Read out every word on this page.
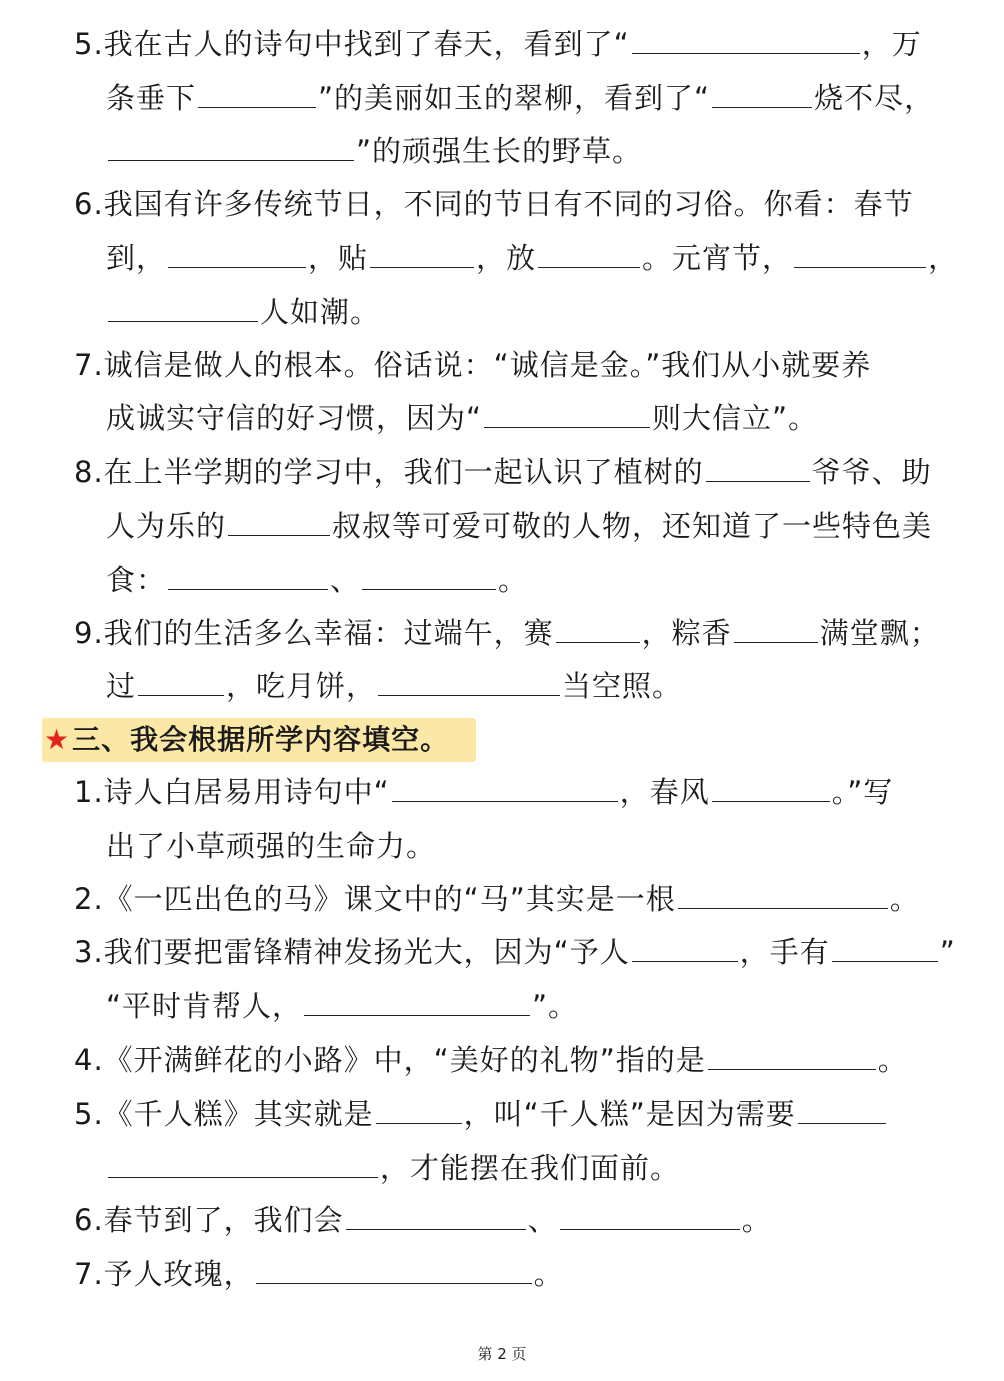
5.我在古人的诗句中找到了春天，看到了“	，万
条垂下	”的美丽如玉的翠柳，看到了“	烧不尽，
”的顽强生长的野草。
6.我国有许多传统节日，不同的节日有不同的习俗。你看：春节
到，	，贴	，放	。元宵节，	，
人如潮。
7.诚信是做人的根本。俗话说：“诚信是金。”我们从小就要养
成诚实守信的好习惯，因为“	则大信立”。
8.在上半学期的学习中，我们一起认识了植树的	爷爷、助
人为乐的	叔叔等可爱可敬的人物，还知道了一些特色美
食：	、	。
9.我们的生活多么幸福：过端午，赛	，粽香	满堂飘；
过	，吃月饼，	当空照。
★三、我会根据所学内容填空。
1.诗人白居易用诗句中“	，春风	。”写
出了小草顽强的生命力。
2.《一匹出色的马》课文中的“马”其实是一根	。
3.我们要把雷锋精神发扬光大，因为“予人	，手有	”
“平时肯帮人，	”。
4.《开满鲜花的小路》中，“美好的礼物”指的是	。
5.《千人糕》其实就是	，叫“千人糕”是因为需要
，才能摆在我们面前。
6.春节到了，我们会	、	。
7.予人玫瑰，	。
第 2 页
